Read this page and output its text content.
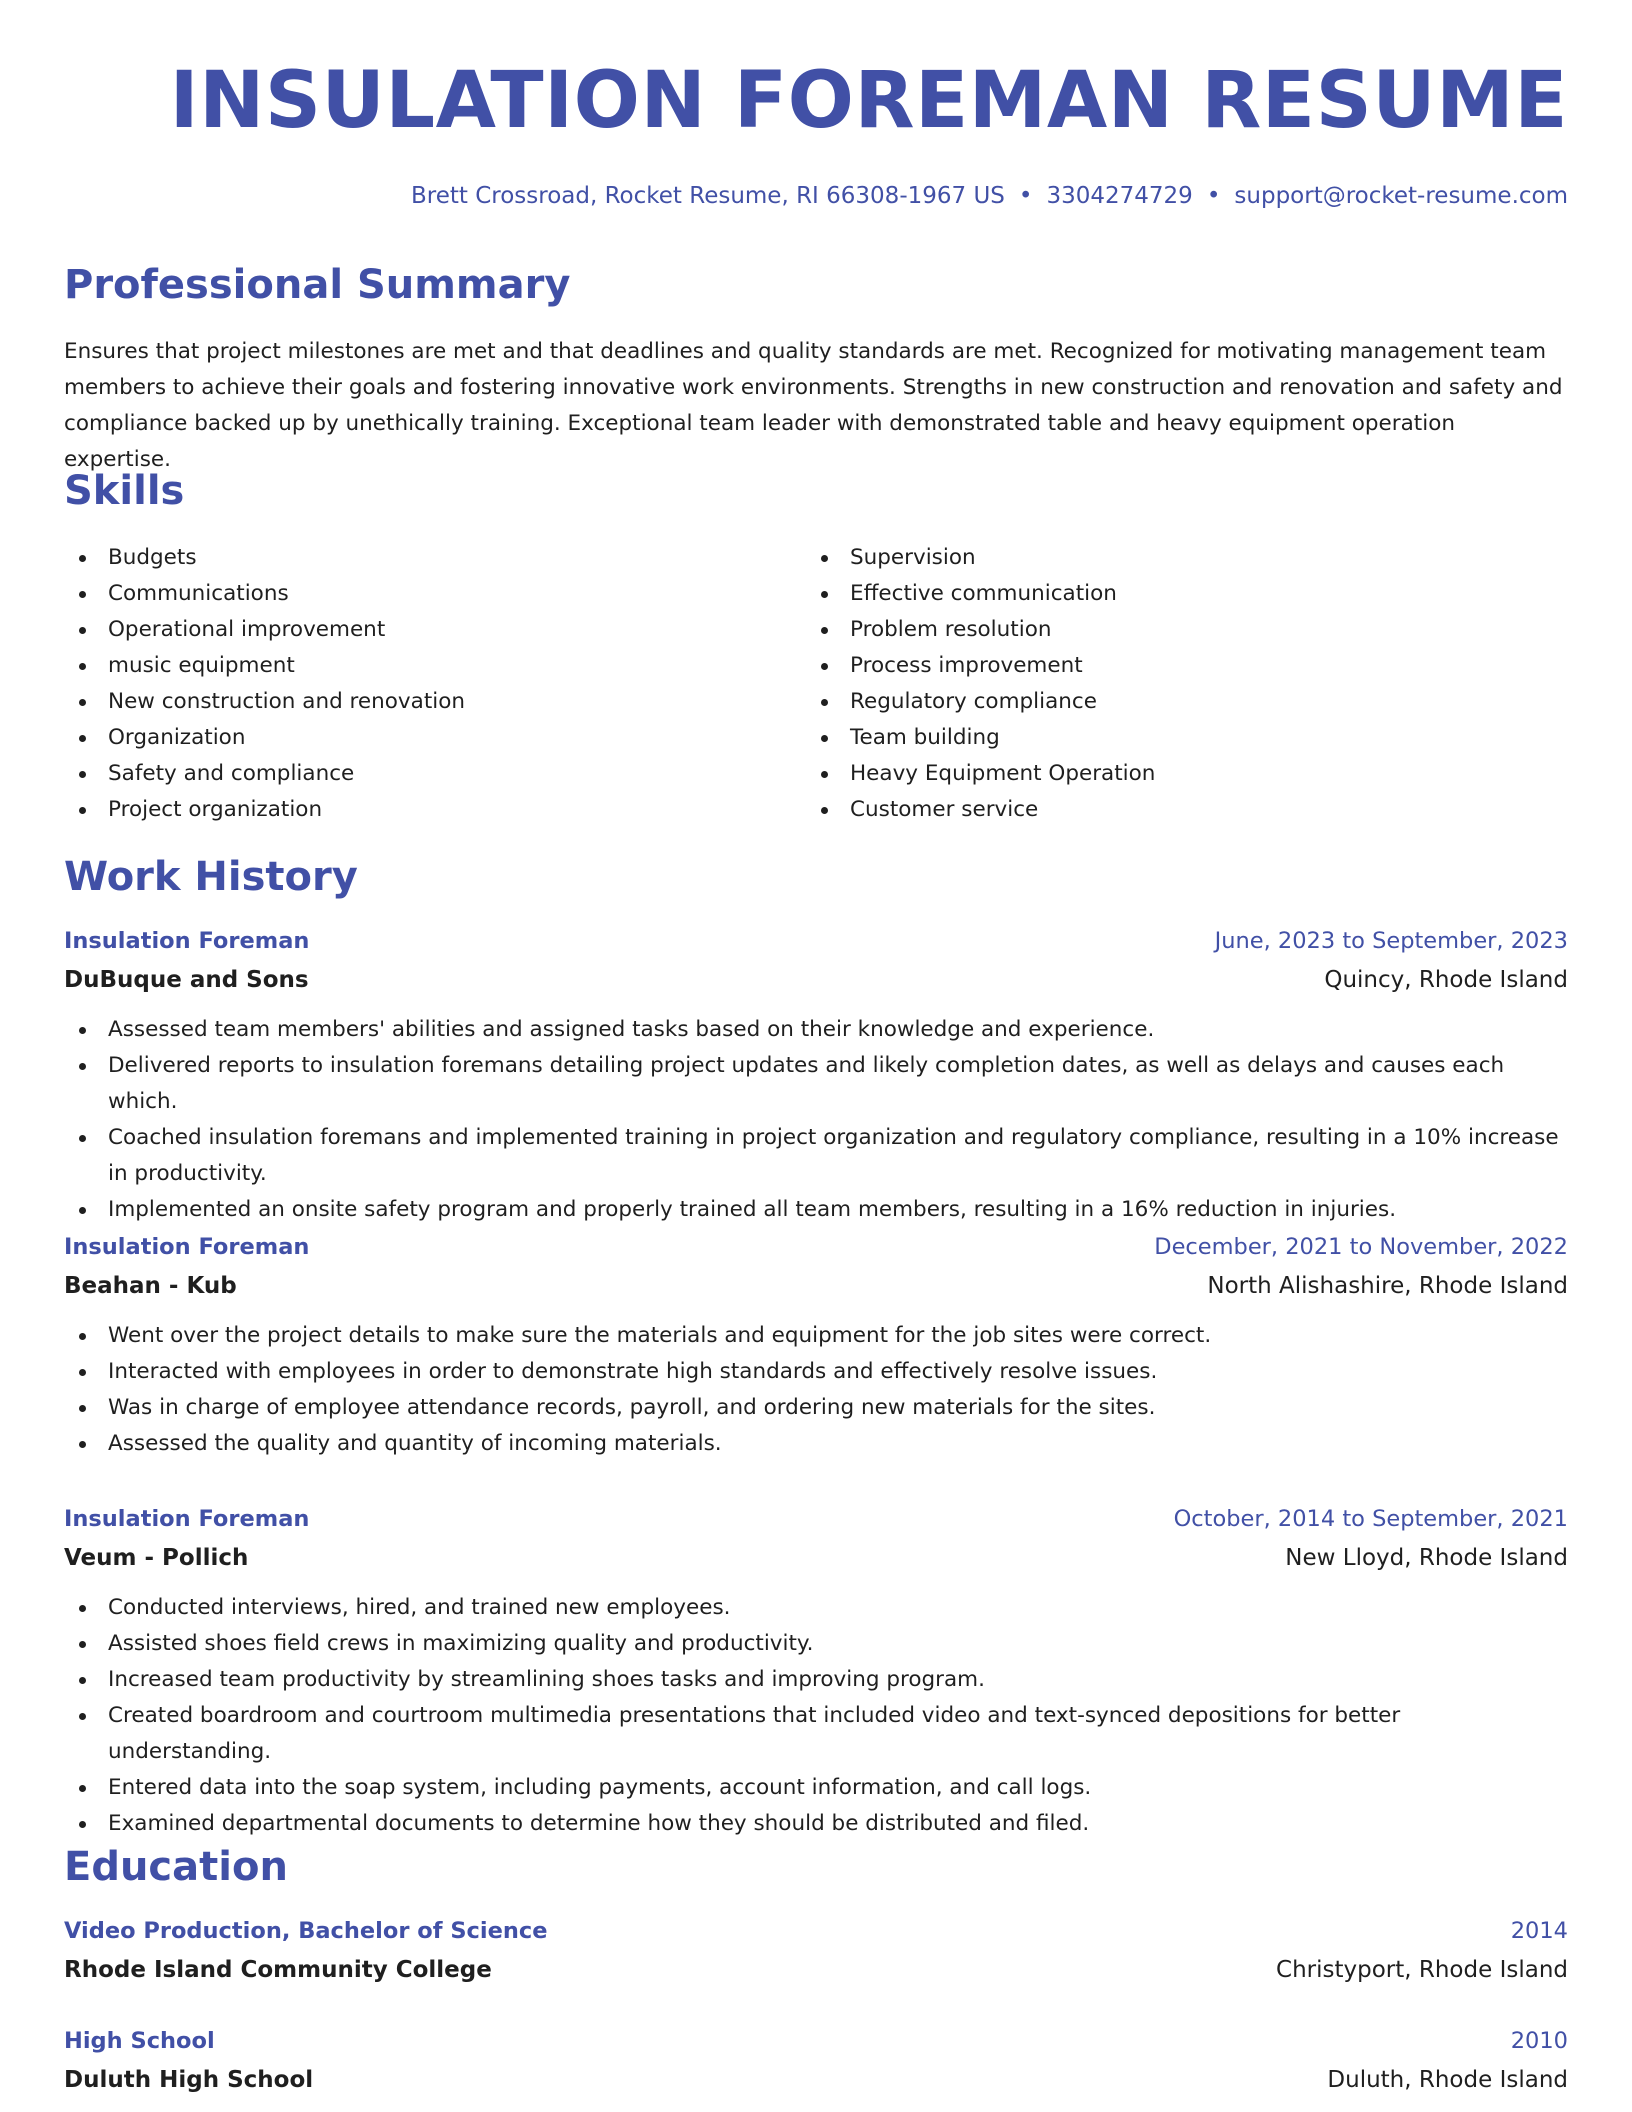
INSULATION FOREMAN RESUME
Brett Crossroad, Rocket Resume, RI 66308-1967 US • 3304274729 • support@rocket-resume.com
Professional Summary
Ensures that project milestones are met and that deadlines and quality standards are met. Recognized for motivating management team members to achieve their goals and fostering innovative work environments. Strengths in new construction and renovation and safety and compliance backed up by unethically training. Exceptional team leader with demonstrated table and heavy equipment operation expertise.
Skills
Budgets
Communications
Operational improvement
music equipment
New construction and renovation
Organization
Safety and compliance
Project organization
Supervision
Effective communication
Problem resolution
Process improvement
Regulatory compliance
Team building
Heavy Equipment Operation
Customer service
Work History
Insulation Foreman	June, 2023 to September, 2023
DuBuque and Sons	Quincy, Rhode Island
Assessed team members' abilities and assigned tasks based on their knowledge and experience.
Delivered reports to insulation foremans detailing project updates and likely completion dates, as well as delays and causes each which.
Coached insulation foremans and implemented training in project organization and regulatory compliance, resulting in a 10% increase in productivity.
Implemented an onsite safety program and properly trained all team members, resulting in a 16% reduction in injuries.
Insulation Foreman	December, 2021 to November, 2022
Beahan - Kub	North Alishashire, Rhode Island
Went over the project details to make sure the materials and equipment for the job sites were correct.
Interacted with employees in order to demonstrate high standards and effectively resolve issues.
Was in charge of employee attendance records, payroll, and ordering new materials for the sites.
Assessed the quality and quantity of incoming materials.
Insulation Foreman	October, 2014 to September, 2021
Veum - Pollich	New Lloyd, Rhode Island
Conducted interviews, hired, and trained new employees.
Assisted shoes field crews in maximizing quality and productivity.
Increased team productivity by streamlining shoes tasks and improving program.
Created boardroom and courtroom multimedia presentations that included video and text-synced depositions for better understanding.
Entered data into the soap system, including payments, account information, and call logs.
Examined departmental documents to determine how they should be distributed and filed.
Education
Video Production, Bachelor of Science	2014
Rhode Island Community College	Christyport, Rhode Island
High School	2010
Duluth High School	Duluth, Rhode Island
